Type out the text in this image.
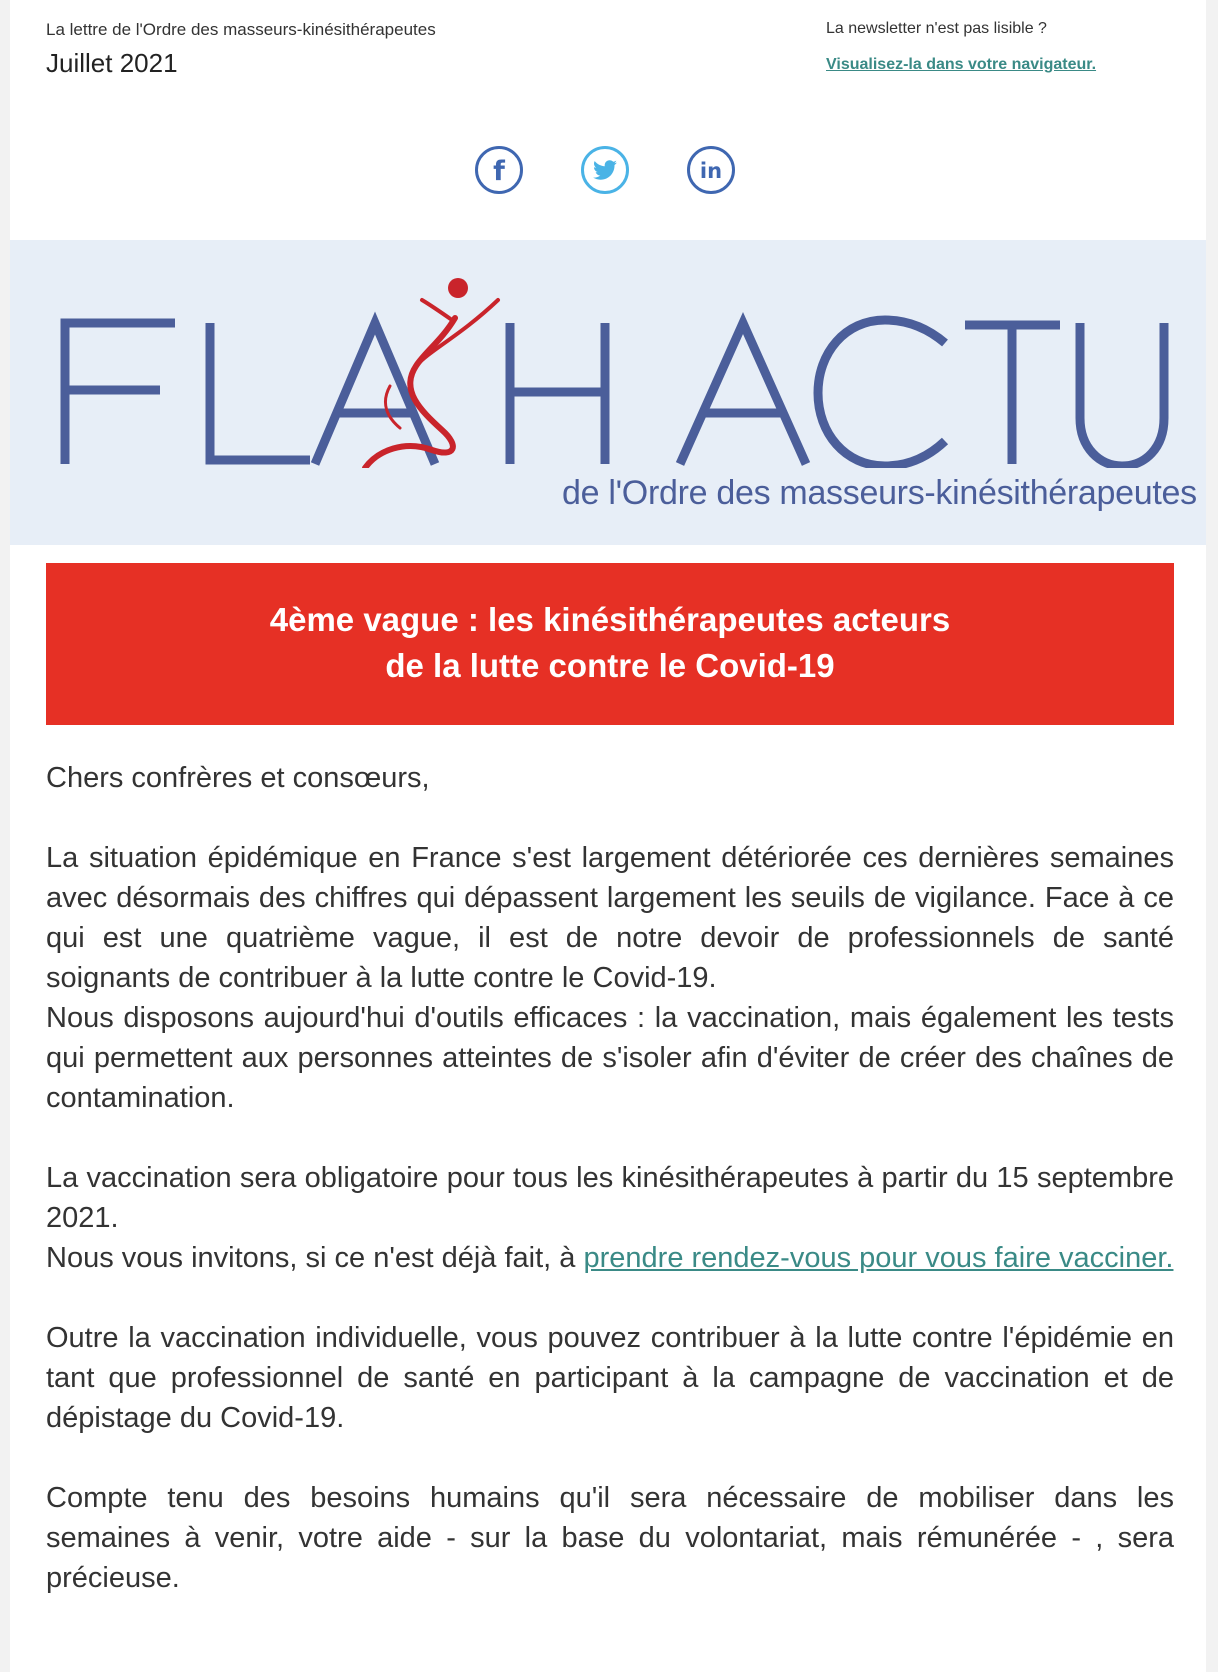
La lettre de l'Ordre des masseurs-kinésithérapeutes
Juillet 2021
La newsletter n'est pas lisible ?
Visualisez-la dans votre navigateur.
f	in
de l'Ordre des masseurs-kinésithérapeutes
4ème vague : les kinésithérapeutes acteurs
de la lutte contre le Covid-19

Chers confrères et consœurs,

La situation épidémique en France s'est largement détériorée ces dernières semaines avec désormais des chiffres qui dépassent largement les seuils de vigilance. Face à ce qui est une quatrième vague, il est de notre devoir de professionnels de santé soignants de contribuer à la lutte contre le Covid-19.
Nous disposons aujourd'hui d'outils efficaces : la vaccination, mais également les tests qui permettent aux personnes atteintes de s'isoler afin d'éviter de créer des chaînes de contamination.

La vaccination sera obligatoire pour tous les kinésithérapeutes à partir du 15 septembre 2021.
Nous vous invitons, si ce n'est déjà fait, à prendre rendez-vous pour vous faire vacciner.

Outre la vaccination individuelle, vous pouvez contribuer à la lutte contre l'épidémie en tant que professionnel de santé en participant à la campagne de vaccination et de dépistage du Covid-19.

Compte tenu des besoins humains qu'il sera nécessaire de mobiliser dans les semaines à venir, votre aide - sur la base du volontariat, mais rémunérée - , sera précieuse.
